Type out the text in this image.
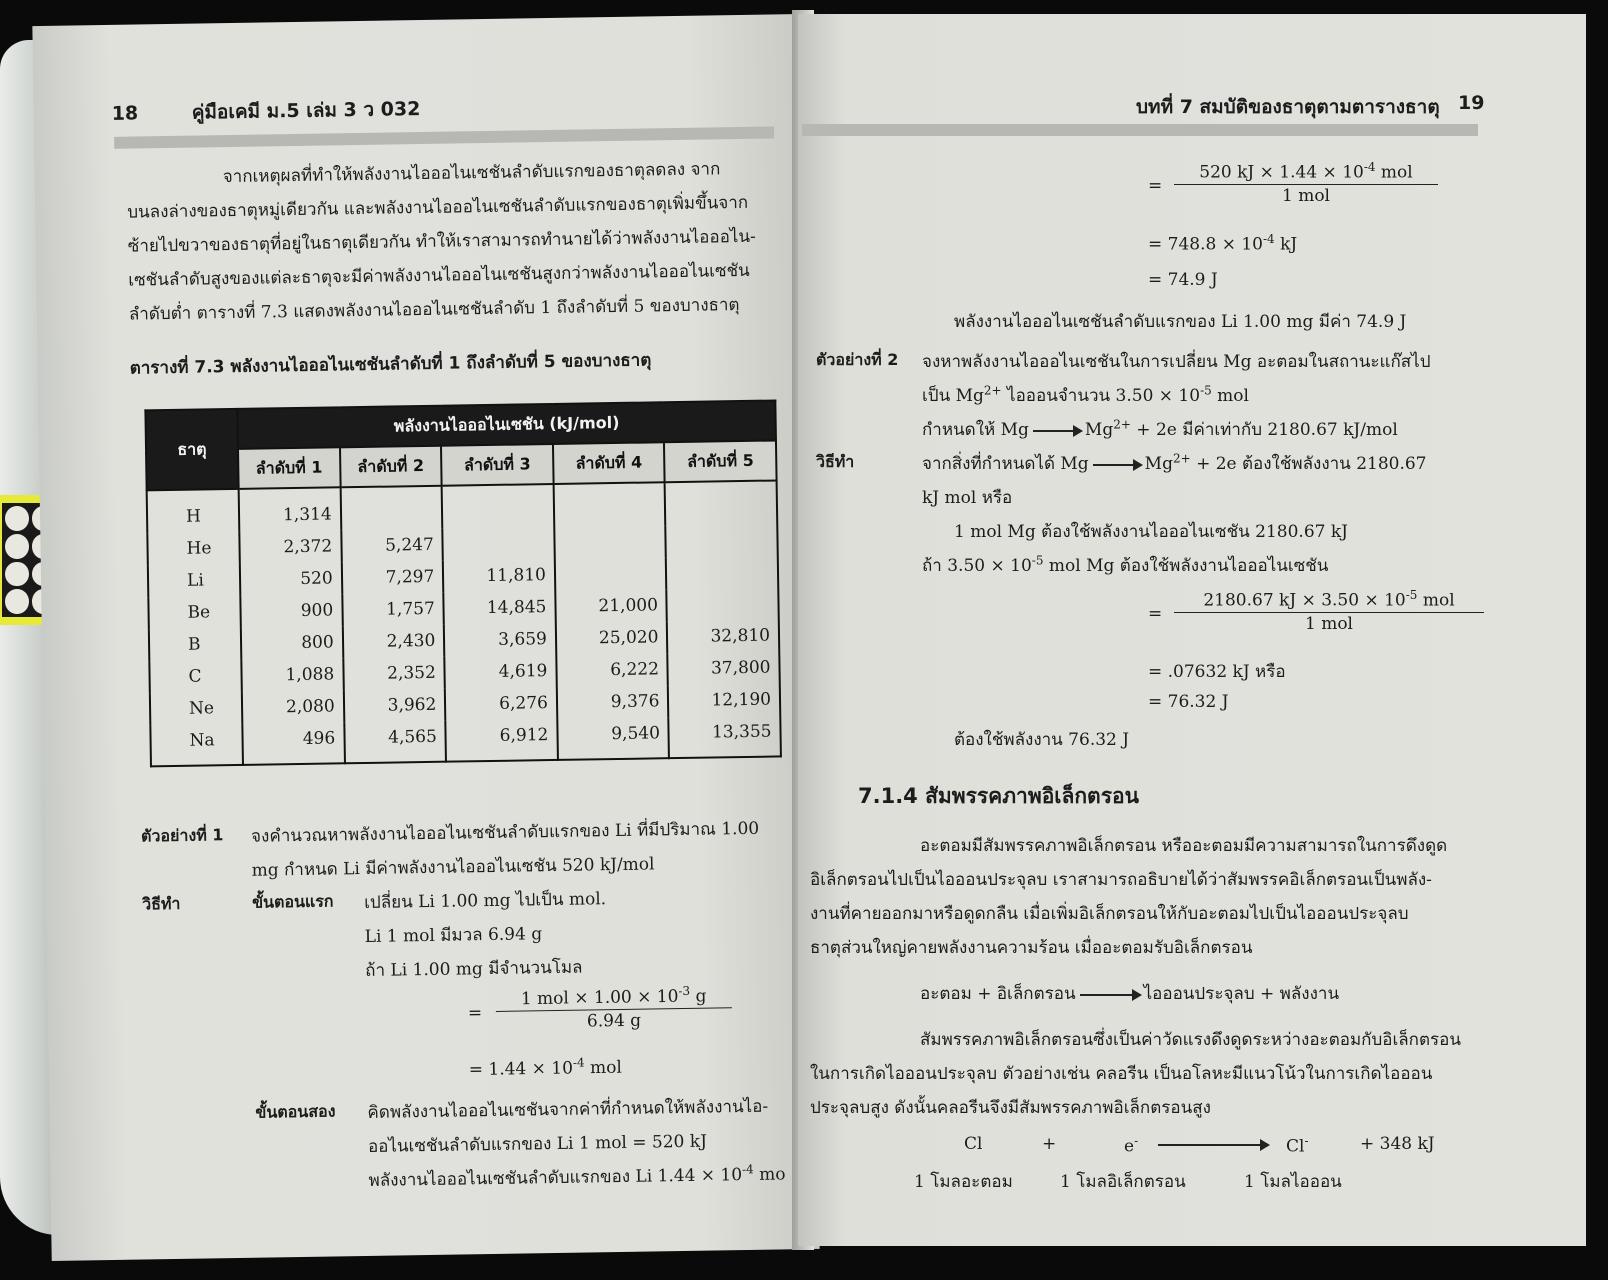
18	คู่มือเคมี ม.5 เล่ม 3 ว 032
จากเหตุผลที่ทำให้พลังงานไอออไนเซชันลำดับแรกของธาตุลดลง จาก
บนลงล่างของธาตุหมู่เดียวกัน และพลังงานไอออไนเซชันลำดับแรกของธาตุเพิ่มขึ้นจาก
ซ้ายไปขวาของธาตุที่อยู่ในธาตุเดียวกัน ทำให้เราสามารถทำนายได้ว่าพลังงานไอออไน-
เซชันลำดับสูงของแต่ละธาตุจะมีค่าพลังงานไอออไนเซชันสูงกว่าพลังงานไอออไนเซชัน
ลำดับต่ำ ตารางที่ 7.3 แสดงพลังงานไอออไนเซชันลำดับ 1 ถึงลำดับที่ 5 ของบางธาตุ
ตารางที่ 7.3 พลังงานไอออไนเซชันลำดับที่ 1 ถึงลำดับที่ 5 ของบางธาตุ
ธาตุ	พลังงานไอออไนเซชัน (kJ/mol)				
	ลำดับที่ 1	ลำดับที่ 2	ลำดับที่ 3	ลำดับที่ 4	ลำดับที่ 5
H	1,314				
He	2,372	5,247			
Li	520	7,297	11,810		
Be	900	1,757	14,845	21,000	
B	800	2,430	3,659	25,020	32,810
C	1,088	2,352	4,619	6,222	37,800
Ne	2,080	3,962	6,276	9,376	12,190
Na	496	4,565	6,912	9,540	13,355
ตัวอย่างที่ 1 จงคำนวณหาพลังงานไอออไนเซชันลำดับแรกของ Li ที่มีปริมาณ 1.00
mg กำหนด Li มีค่าพลังงานไอออไนเซชัน 520 kJ/mol
วิธีทำ	ขั้นตอนแรก เปลี่ยน Li 1.00 mg ไปเป็น mol.
Li 1 mol มีมวล 6.94 g
ถ้า Li 1.00 mg มีจำนวนโมล
=
1 mol × $1.00 \times 10^{-3}$ g
6.94 g
= $1.44 \times 10^{-4}$ mol
ขั้นตอนสอง คิดพลังงานไอออไนเซชันจากค่าที่กำหนดให้พลังงานไอ-
ออไนเซชันลำดับแรกของ Li 1 mol = 520 kJ
พลังงานไอออไนเซชันลำดับแรกของ Li $1.44 \times 10^{-4}$ mo
บทที่ 7 สมบัติของธาตุตามตารางธาตุ 19
=
520 kJ × $1.44 \times 10^{-4}$ mol
1 mol
= $748.8 \times 10^{-4}$ kJ
= 74.9 J
พลังงานไอออไนเซชันลำดับแรกของ Li 1.00 mg มีค่า 74.9 J
ตัวอย่างที่ 2 จงหาพลังงานไอออไนเซชันในการเปลี่ยน Mg อะตอมในสถานะแก๊สไป
เป็น $Mg^{2+}$ ไอออนจำนวน $3.50 \times 10^{-5}$ mol
กำหนดให้ $Mg \to Mg^{2+} + 2e$ มีค่าเท่ากับ 2180.67 kJ/mol
วิธีทำ	จากสิ่งที่กำหนดได้ $Mg \to Mg^{2+} + 2e$ ต้องใช้พลังงาน 2180.67
kJ mol หรือ
1 mol Mg ต้องใช้พลังงานไอออไนเซชัน 2180.67 kJ
ถ้า $3.50 \times 10^{-5}$ mol Mg ต้องใช้พลังงานไอออไนเซชัน
=
2180.67 kJ × $3.50 \times 10^{-5}$ mol
1 mol
= .07632 kJ หรือ
= 76.32 J
ต้องใช้พลังงาน 76.32 J
7.1.4 สัมพรรคภาพอิเล็กตรอน
อะตอมมีสัมพรรคภาพอิเล็กตรอน หรืออะตอมมีความสามารถในการดึงดูด
อิเล็กตรอนไปเป็นไอออนประจุลบ เราสามารถอธิบายได้ว่าสัมพรรคอิเล็กตรอนเป็นพลัง-
งานที่คายออกมาหรือดูดกลืน เมื่อเพิ่มอิเล็กตรอนให้กับอะตอมไปเป็นไอออนประจุลบ
ธาตุส่วนใหญ่คายพลังงานความร้อน เมื่ออะตอมรับอิเล็กตรอน
อะตอม + อิเล็กตรอน → ไอออนประจุลบ + พลังงาน
สัมพรรคภาพอิเล็กตรอนซึ่งเป็นค่าวัดแรงดึงดูดระหว่างอะตอมกับอิเล็กตรอน
ในการเกิดไอออนประจุลบ ตัวอย่างเช่น คลอรีน เป็นอโลหะมีแนวโน้วในการเกิดไอออน
ประจุลบสูง ดังนั้นคลอรีนจึงมีสัมพรรคภาพอิเล็กตรอนสูง
Cl	+	e-	Cl-	+ 348 kJ
1 โมลอะตอม	1 โมลอิเล็กตรอน	1 โมลไอออน
